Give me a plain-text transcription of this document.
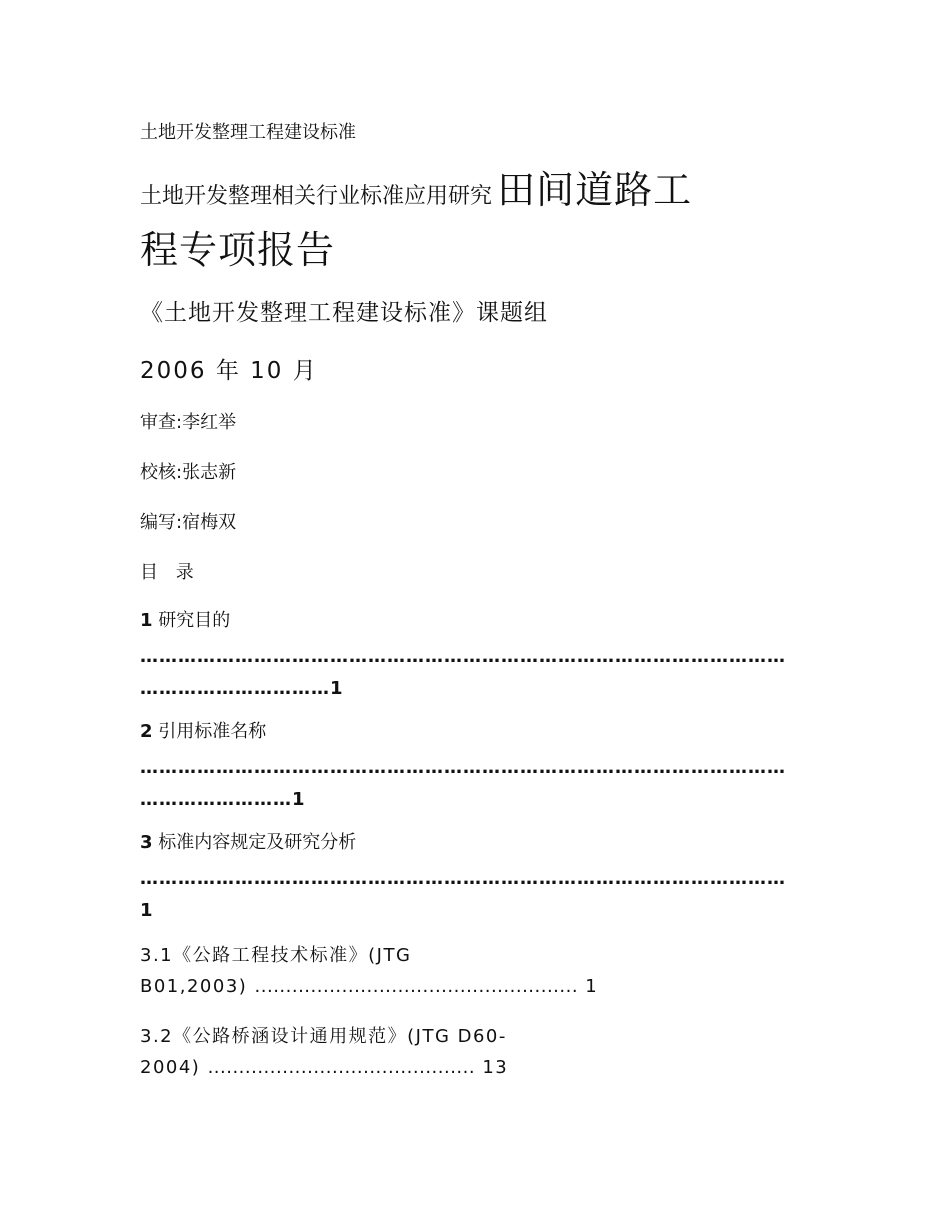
土地开发整理工程建设标准
土地开发整理相关行业标准应用研究 田间道路工
程专项报告
《土地开发整理工程建设标准》课题组
2006 年 10 月
审查:李红举
校核:张志新
编写:宿梅双
目 录
1 研究目的
…………………………………………………………………………………………
…………………………1
2 引用标准名称
…………………………………………………………………………………………
……………………1
3 标准内容规定及研究分析
…………………………………………………………………………………………
1
3.1《公路工程技术标准》(JTG
B01,2003) .................................................... 1
3.2《公路桥涵设计通用规范》(JTG D60-
2004) ........................................... 13
